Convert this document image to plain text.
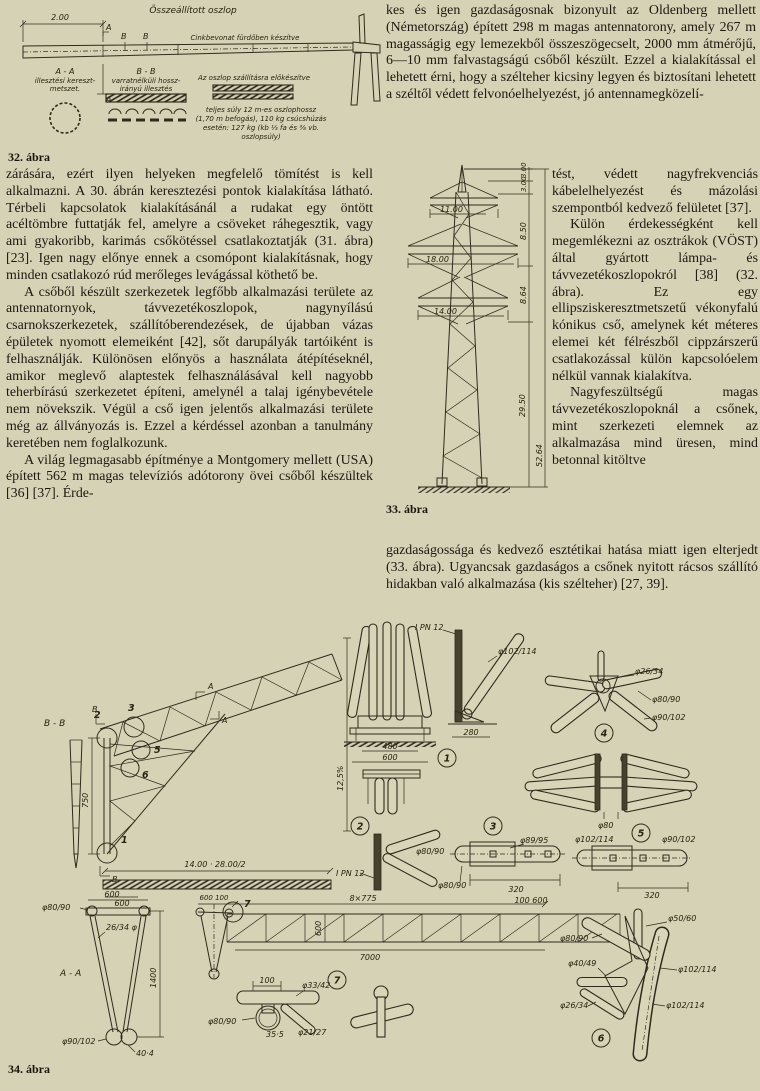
Összeállított oszlop
2.00
A
B B
A - A
illesztési kereszt-
metszet.
B - B
varratnélküli hossz-
irányú illesztés
Az oszlop szállításra előkészítve
teljes súly 12 m-es oszlophossz
(1,70 m befogás), 110 kg csúcshúzás
esetén: 127 kg (kb ⅓ fa és ⅜ vb.
oszlopsúly)
Cinkbevonat fürdőben készítve
32. ábra

zárására, ezért ilyen helyeken megfelelő tömítést is kell alkalmazni. A 30. ábrán keresztezési pontok kialakítása látható. Térbeli kapcsolatok kialakításánál a rudakat egy öntött acéltömbre futtatják fel, amelyre a csöveket ráhegesztik, vagy ami gyakoribb, karimás csőkötéssel csatlakoztatják (31. ábra) [23]. Igen nagy előnye ennek a csomópont kialakításnak, hogy minden csatlakozó rúd merőleges levágással köthető be.

A csőből készült szerkezetek legfőbb alkalmazási területe az antennatornyok, távvezetékoszlopok, nagynyílású csarnokszerkezetek, szállítóberendezések, de újabban vázas épületek nyomott elemeiként [42], sőt darupályák tartóiként is felhasználják. Különösen előnyös a használata átépítéseknél, amikor meglevő alaptestek felhasználásával kell nagyobb teherbírású szerkezetet építeni, amelynél a talaj igénybevétele nem növekszik. Végül a cső igen jelentős alkalmazási területe még az állványozás is. Ezzel a kérdéssel azonban a tanulmány keretében nem foglalkozunk.

A világ legmagasabb építménye a Montgomery mellett (USA) épített 562 m magas televíziós adótorony övei csőből készültek [36] [37]. Érde-

kes és igen gazdaságosnak bizonyult az Oldenberg mellett (Németország) épített 298 m magas antennatorony, amely 267 m magasságig egy lemezekből összeszögecselt, 2000 mm átmérőjű, 6—10 mm falvastagságú csőből készült. Ezzel a kialakítással el lehetett érni, hogy a szélteher kicsiny legyen és biztosítani lehetett a széltől védett felvonóelhelyezést, jó antennamegközelí-

tést, védett nagyfrekvenciás kábelelhelyezést és mázolási szempontból kedvező felületet [37].

Külön érdekességként kell megemlékezni az osztrákok (VÖST) által gyártott lámpa- és távvezetékoszlopokról [38] (32. ábra). Ez egy ellipsziskeresztmetszetű vékonyfalú kónikus cső, amelynek két méteres elemei két félrészből cippzárszerű csatlakozással külön kapcsolóelem nélkül vannak kialakítva.

Nagyfeszültségű magas távvezetékoszlopoknál a csőnek, mint szerkezeti elemnek az alkalmazása mind üresen, mind betonnal kitöltve

gazdaságossága és kedvező esztétikai hatása miatt igen elterjedt (33. ábra). Ugyancsak gazdaságos a csőnek nyitott rácsos szállító hidakban való alkalmazása (kis szélteher) [27, 39].

11.00
18.00
14.00
3.00
3.00
8.50
8.64
29.50
52.64
33. ábra
B - B
2
3
5
6
1
A
A
B
750
14.00 · 28.00/2
600
12,5%
480
600	1
I PN 12
φ102/114
280
φ26/34
φ80/90
φ90/102
4
φ80
5
φ102/114	φ90/102
320
2
I PN 12
φ80/90
3
φ89/95
φ80/90	320
100 600
8×775
600
7000
600 100
7
φ80/90
600
26/34 φ
A - A	1400
φ90/102
40·4
100
φ33/42 7
φ80/90
35·5 φ21/27
φ50/60
φ80/90
φ40/49
φ102/114
φ102/114
φ26/34
6
34. ábra
